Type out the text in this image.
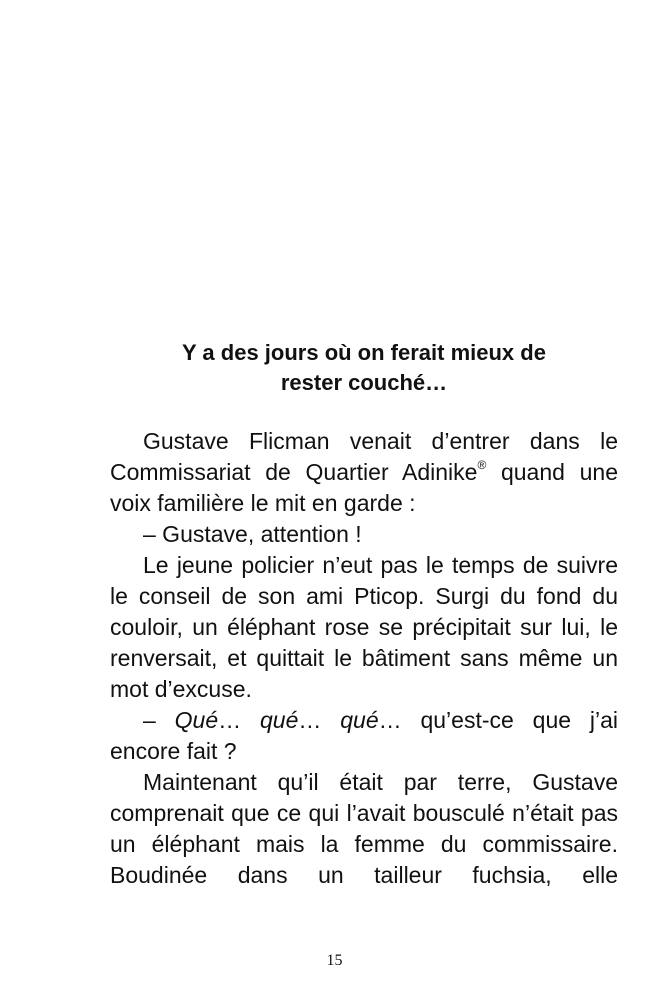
Y a des jours où on ferait mieux de
rester couché…

Gustave Flicman venait d’entrer dans le Commissariat de Quartier Adinike® quand une voix familière le mit en garde :

– Gustave, attention !

Le jeune policier n’eut pas le temps de suivre le conseil de son ami Pticop. Surgi du fond du couloir, un éléphant rose se précipitait sur lui, le renversait, et quittait le bâtiment sans même un mot d’excuse.

– Qué… qué… qué… qu’est-ce que j’ai encore fait ?

Maintenant qu’il était par terre, Gustave comprenait que ce qui l’avait bousculé n’était pas un éléphant mais la femme du commissaire. Boudinée dans un tailleur fuchsia, elle

15
